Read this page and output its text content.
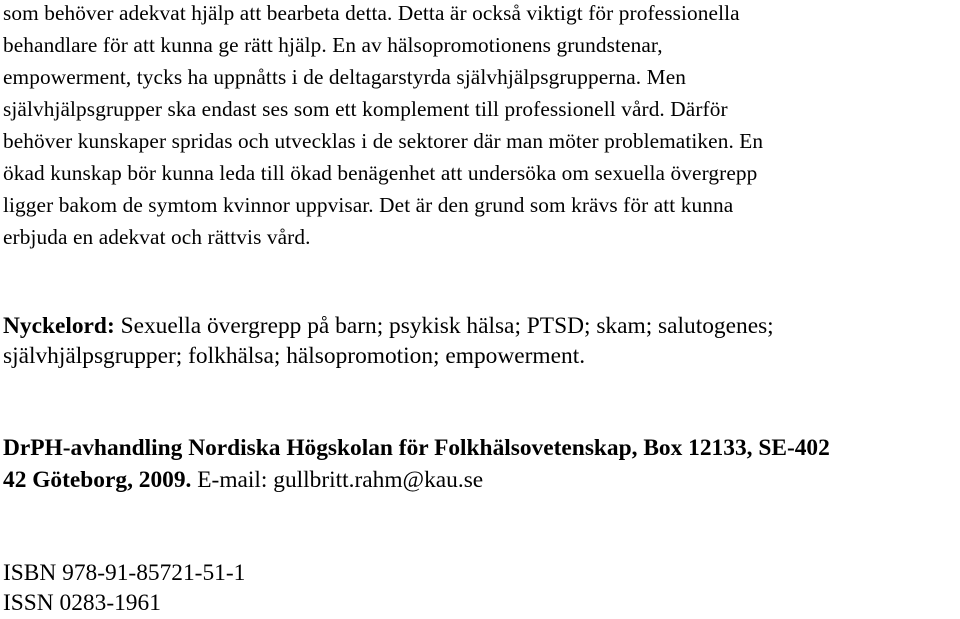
som behöver adekvat hjälp att bearbeta detta. Detta är också viktigt för professionella
behandlare för att kunna ge rätt hjälp. En av hälsopromotionens grundstenar,
empowerment, tycks ha uppnåtts i de deltagarstyrda självhjälpsgrupperna. Men
självhjälpsgrupper ska endast ses som ett komplement till professionell vård. Därför
behöver kunskaper spridas och utvecklas i de sektorer där man möter problematiken. En
ökad kunskap bör kunna leda till ökad benägenhet att undersöka om sexuella övergrepp
ligger bakom de symtom kvinnor uppvisar. Det är den grund som krävs för att kunna
erbjuda en adekvat och rättvis vård.
Nyckelord: Sexuella övergrepp på barn; psykisk hälsa; PTSD; skam; salutogenes;
självhjälpsgrupper; folkhälsa; hälsopromotion; empowerment.
DrPH-avhandling Nordiska Högskolan för Folkhälsovetenskap, Box 12133, SE-402
42 Göteborg, 2009. E-mail: gullbritt.rahm@kau.se
ISBN 978-91-85721-51-1
ISSN 0283-1961
